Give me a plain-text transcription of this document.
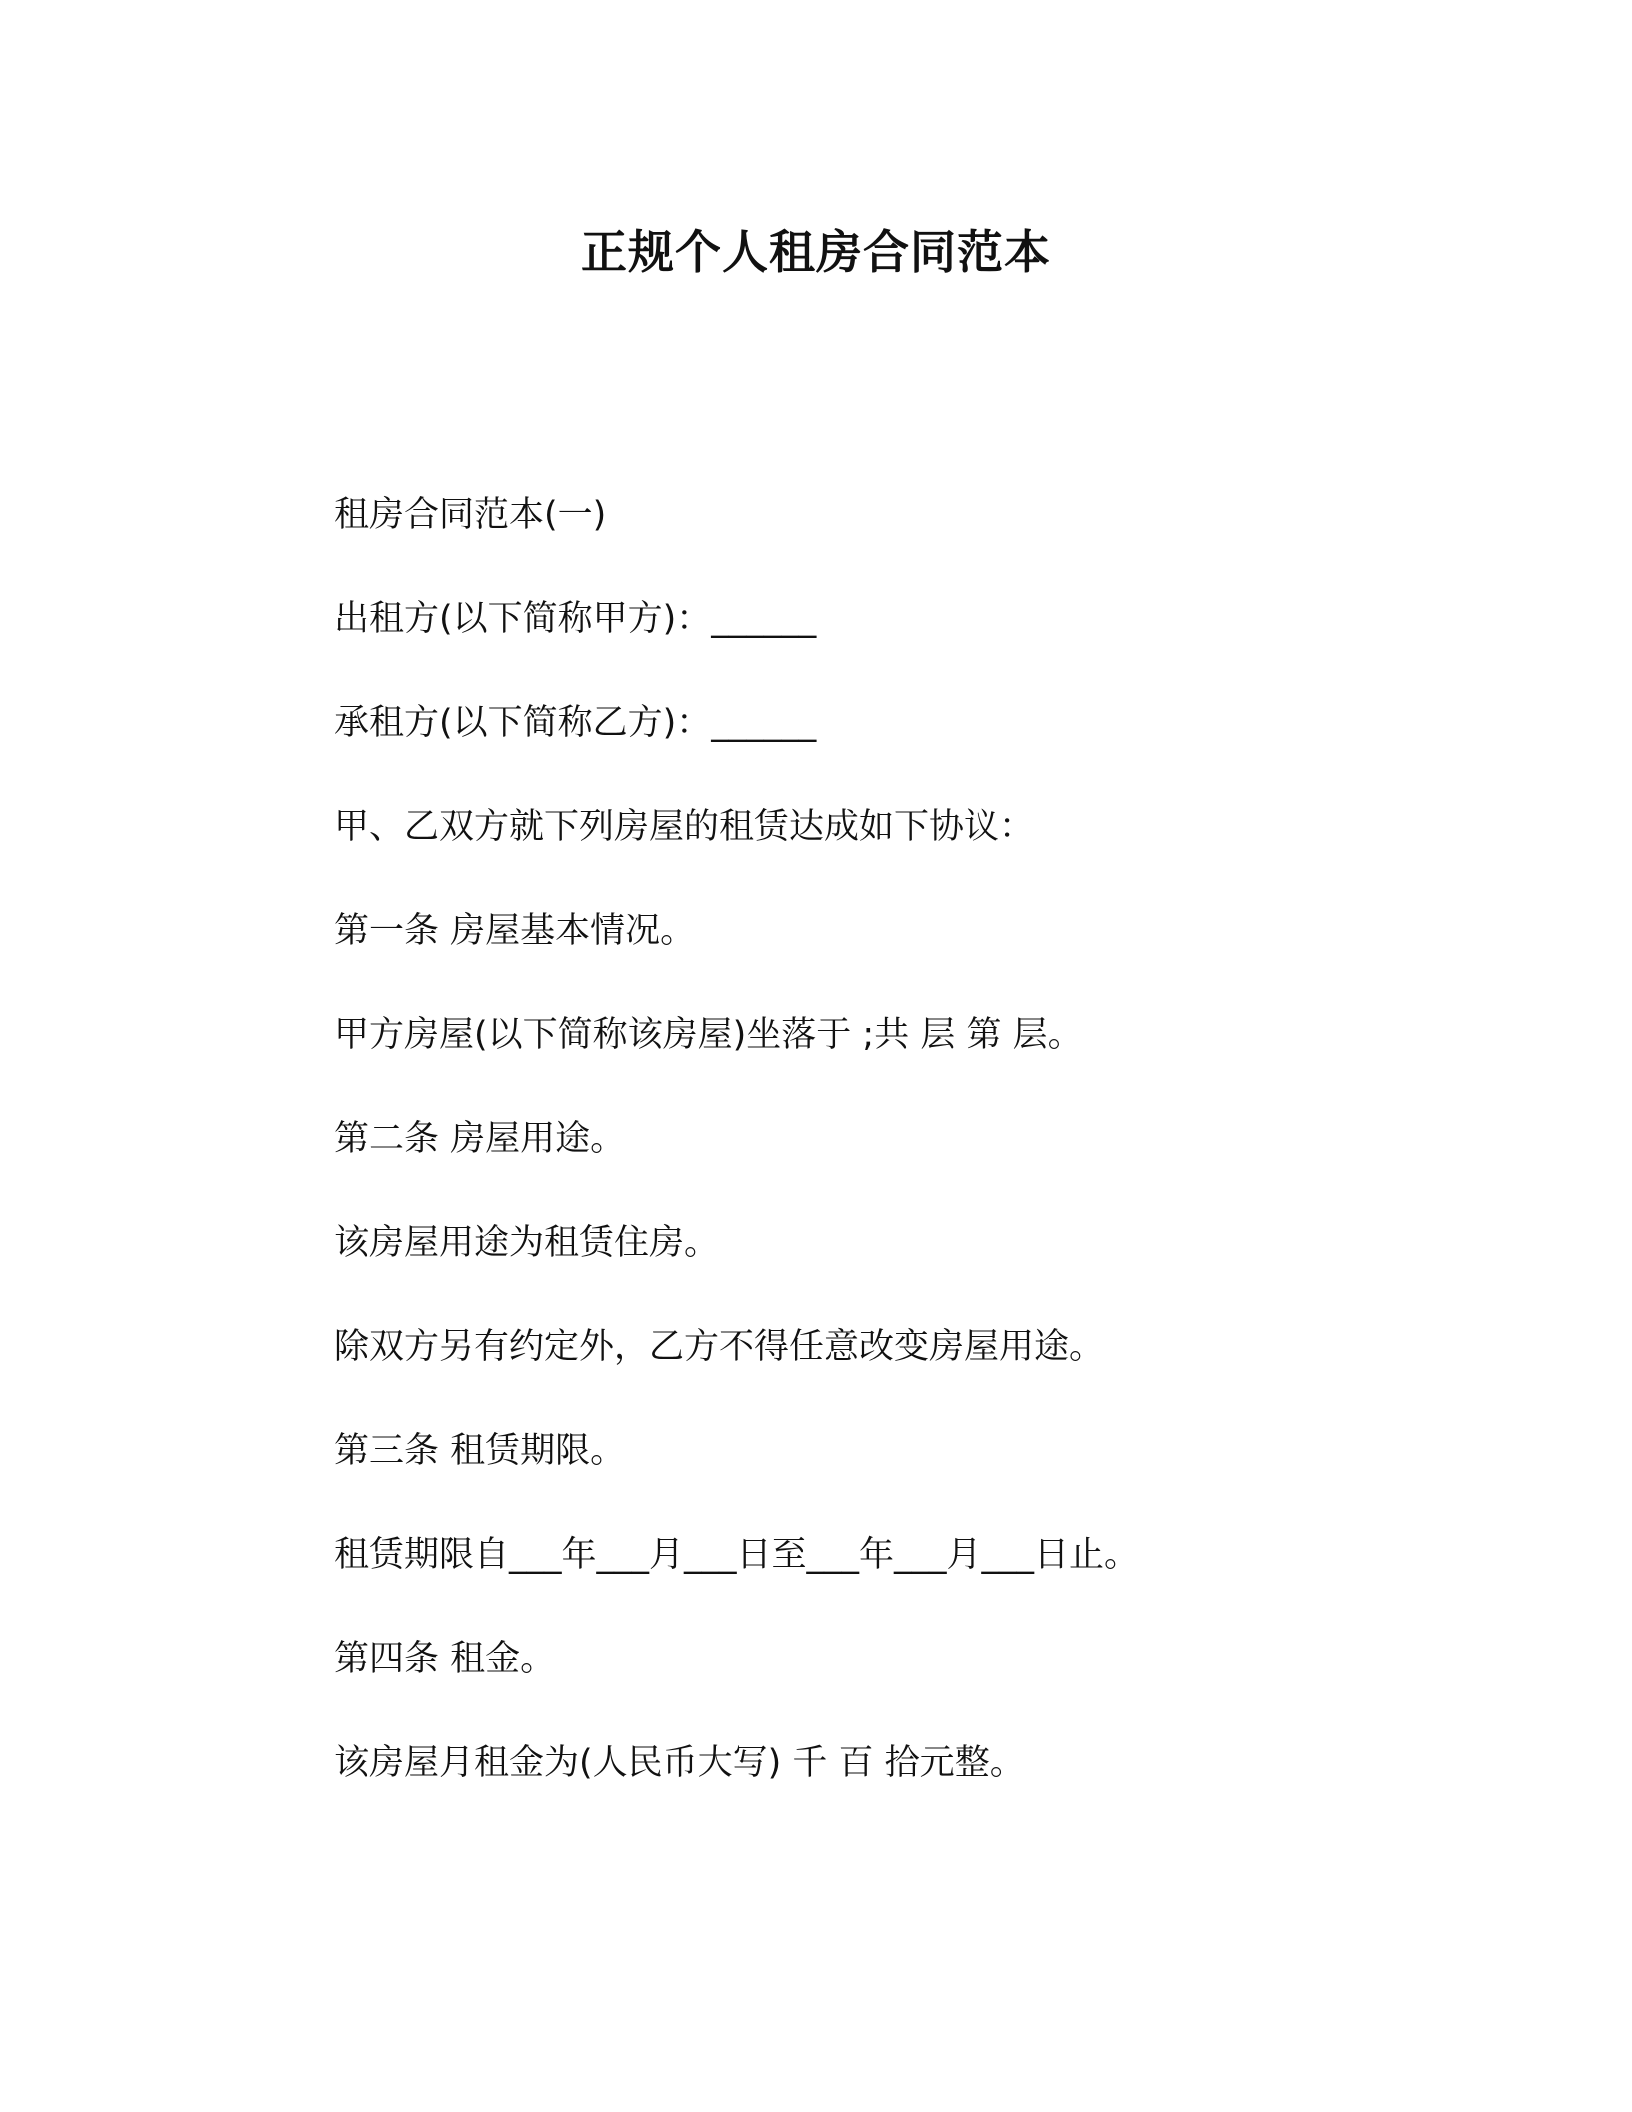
正规个人租房合同范本

租房合同范本(一)

出租方(以下简称甲方)：______

承租方(以下简称乙方)：______

甲、乙双方就下列房屋的租赁达成如下协议：

第一条 房屋基本情况。

甲方房屋(以下简称该房屋)坐落于 ;共 层 第 层。

第二条 房屋用途。

该房屋用途为租赁住房。

除双方另有约定外，乙方不得任意改变房屋用途。

第三条 租赁期限。

租赁期限自___年___月___日至___年___月___日止。

第四条 租金。

该房屋月租金为(人民币大写) 千 百 拾元整。
